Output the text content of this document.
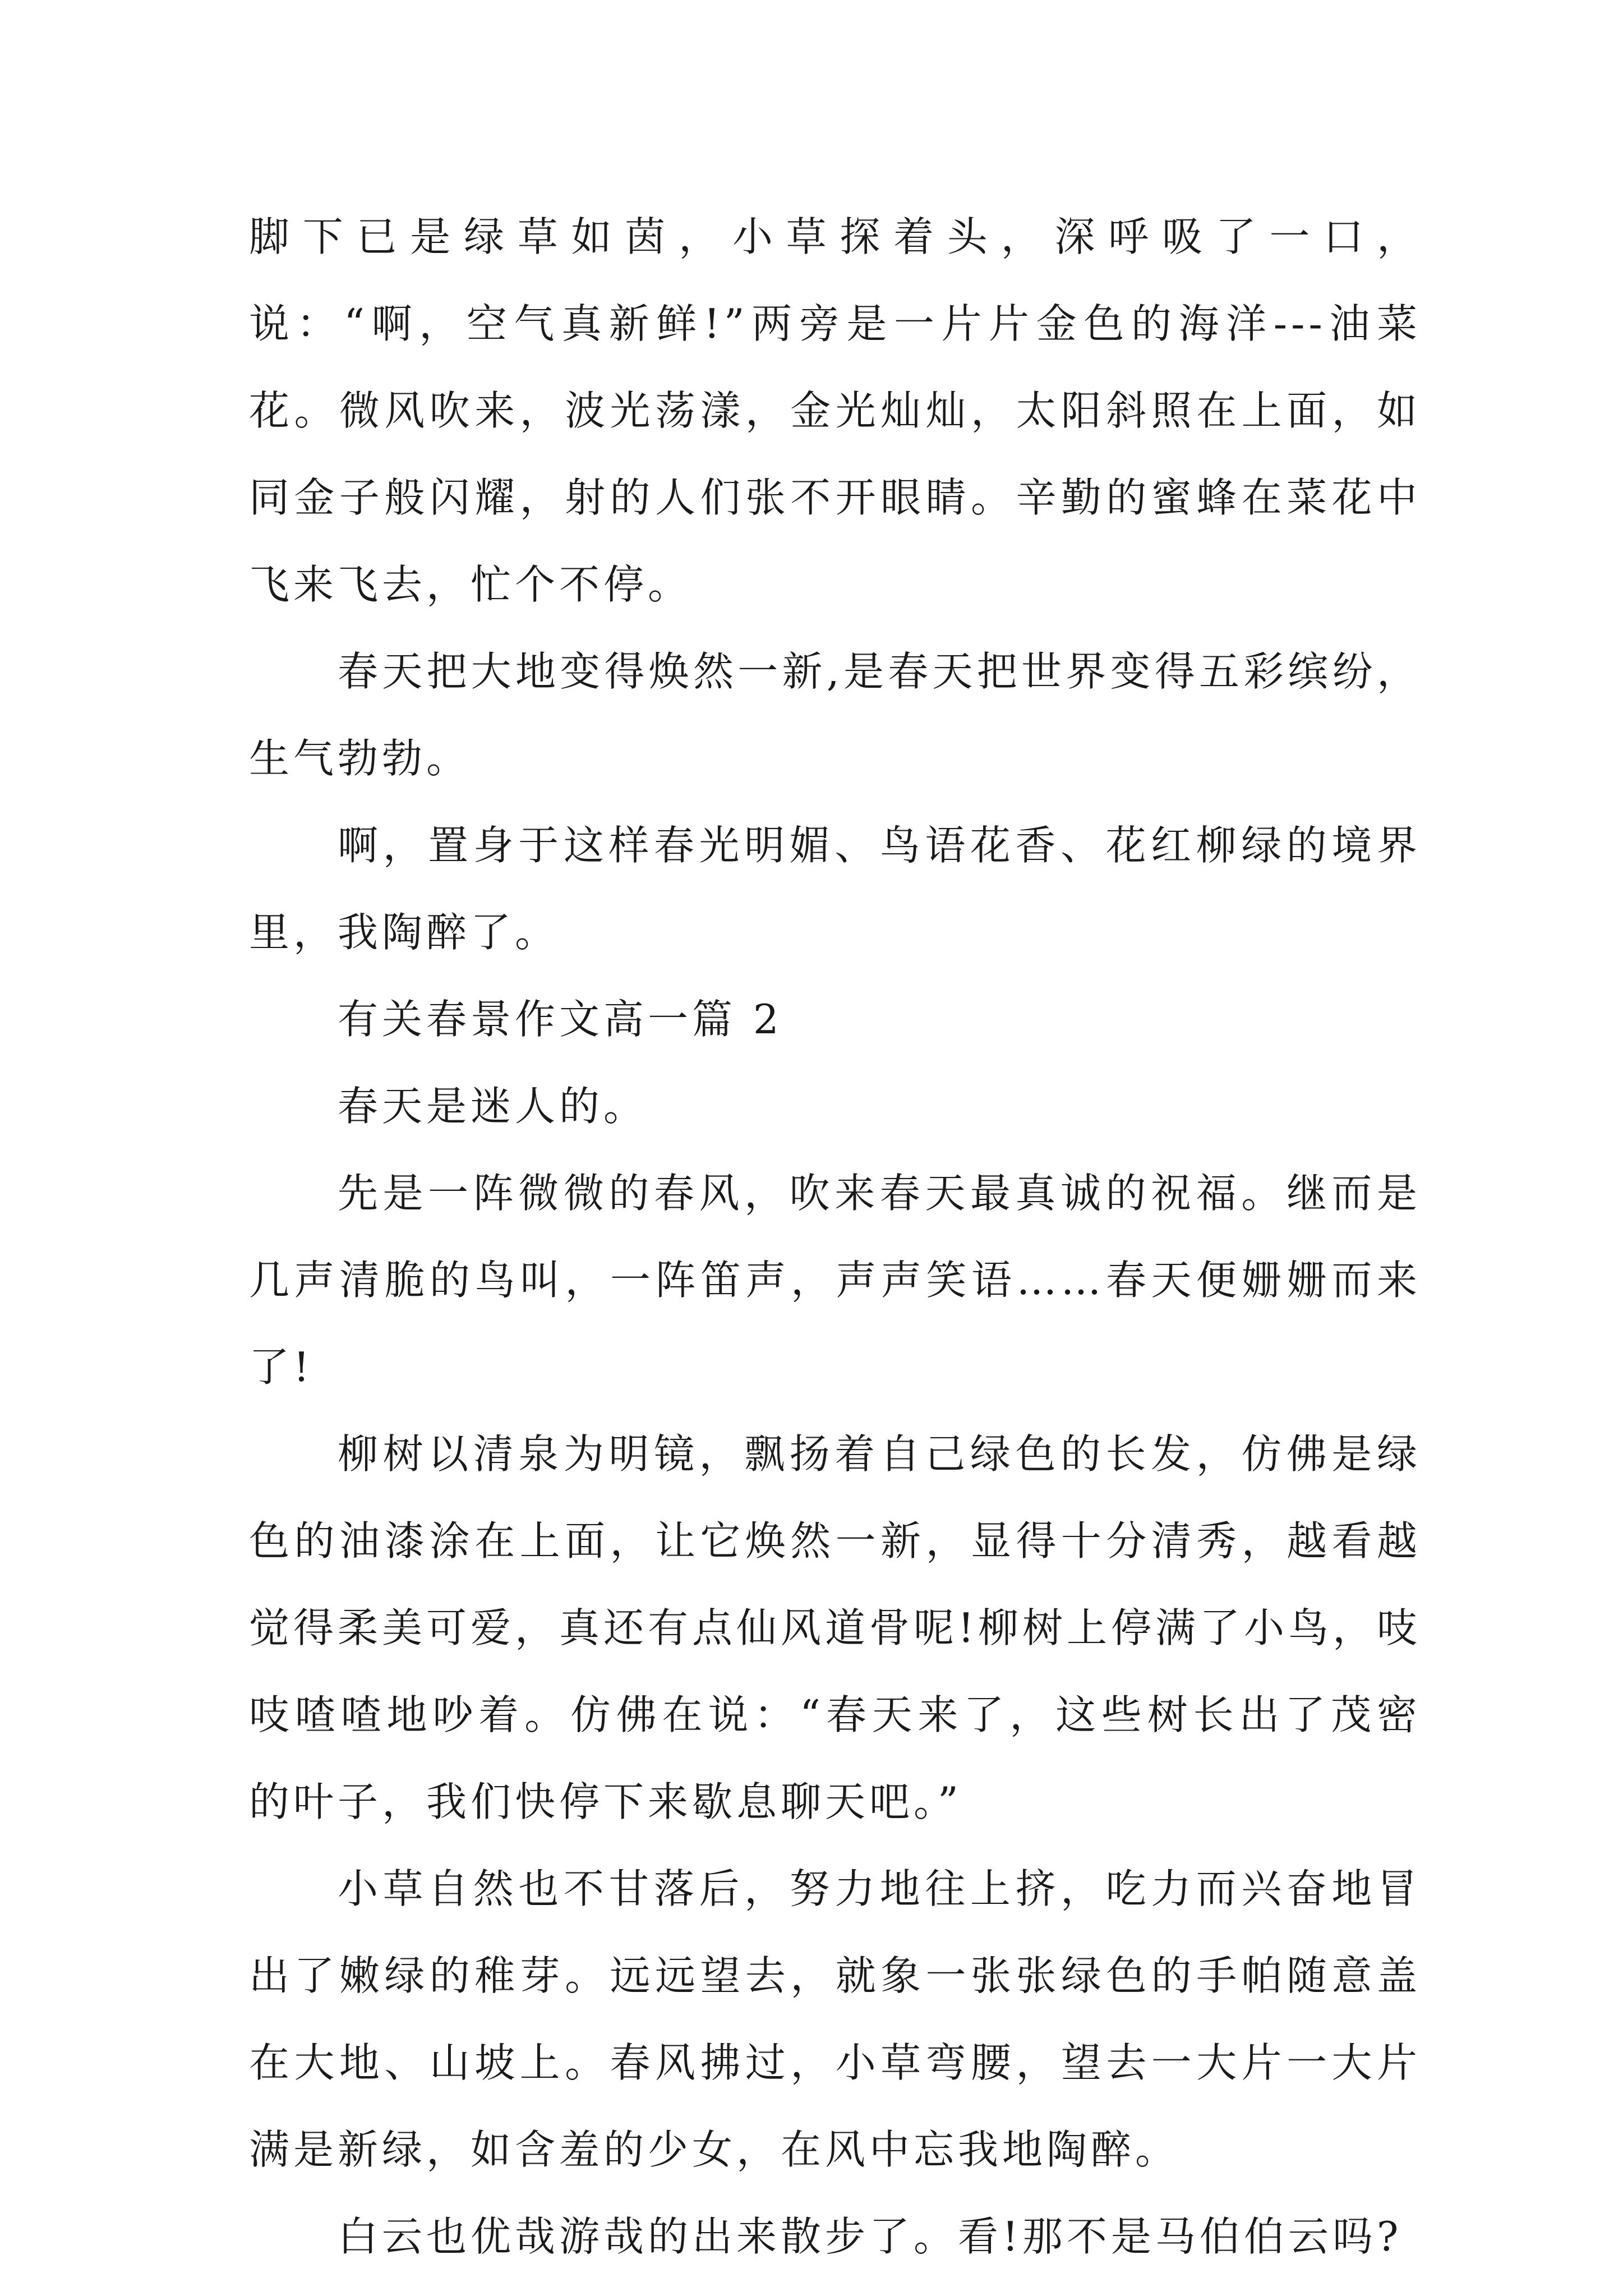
脚下已是绿草如茵，小草探着头，深呼吸了一口，说：“啊，空气真新鲜!”两旁是一片片金色的海洋---油菜花。微风吹来，波光荡漾，金光灿灿，太阳斜照在上面，如同金子般闪耀，射的人们张不开眼睛。辛勤的蜜蜂在菜花中飞来飞去，忙个不停。

春天把大地变得焕然一新,是春天把世界变得五彩缤纷，生气勃勃。

啊，置身于这样春光明媚、鸟语花香、花红柳绿的境界里，我陶醉了。

有关春景作文高一篇 2

春天是迷人的。

先是一阵微微的春风，吹来春天最真诚的祝福。继而是几声清脆的鸟叫，一阵笛声，声声笑语……春天便姗姗而来了!

柳树以清泉为明镜，飘扬着自己绿色的长发，仿佛是绿色的油漆涂在上面，让它焕然一新，显得十分清秀，越看越觉得柔美可爱，真还有点仙风道骨呢!柳树上停满了小鸟，吱吱喳喳地吵着。仿佛在说：“春天来了，这些树长出了茂密的叶子，我们快停下来歇息聊天吧。”

小草自然也不甘落后，努力地往上挤，吃力而兴奋地冒出了嫩绿的稚芽。远远望去，就象一张张绿色的手帕随意盖在大地、山坡上。春风拂过，小草弯腰，望去一大片一大片满是新绿，如含羞的少女，在风中忘我地陶醉。

白云也优哉游哉的出来散步了。看!那不是马伯伯云吗?
